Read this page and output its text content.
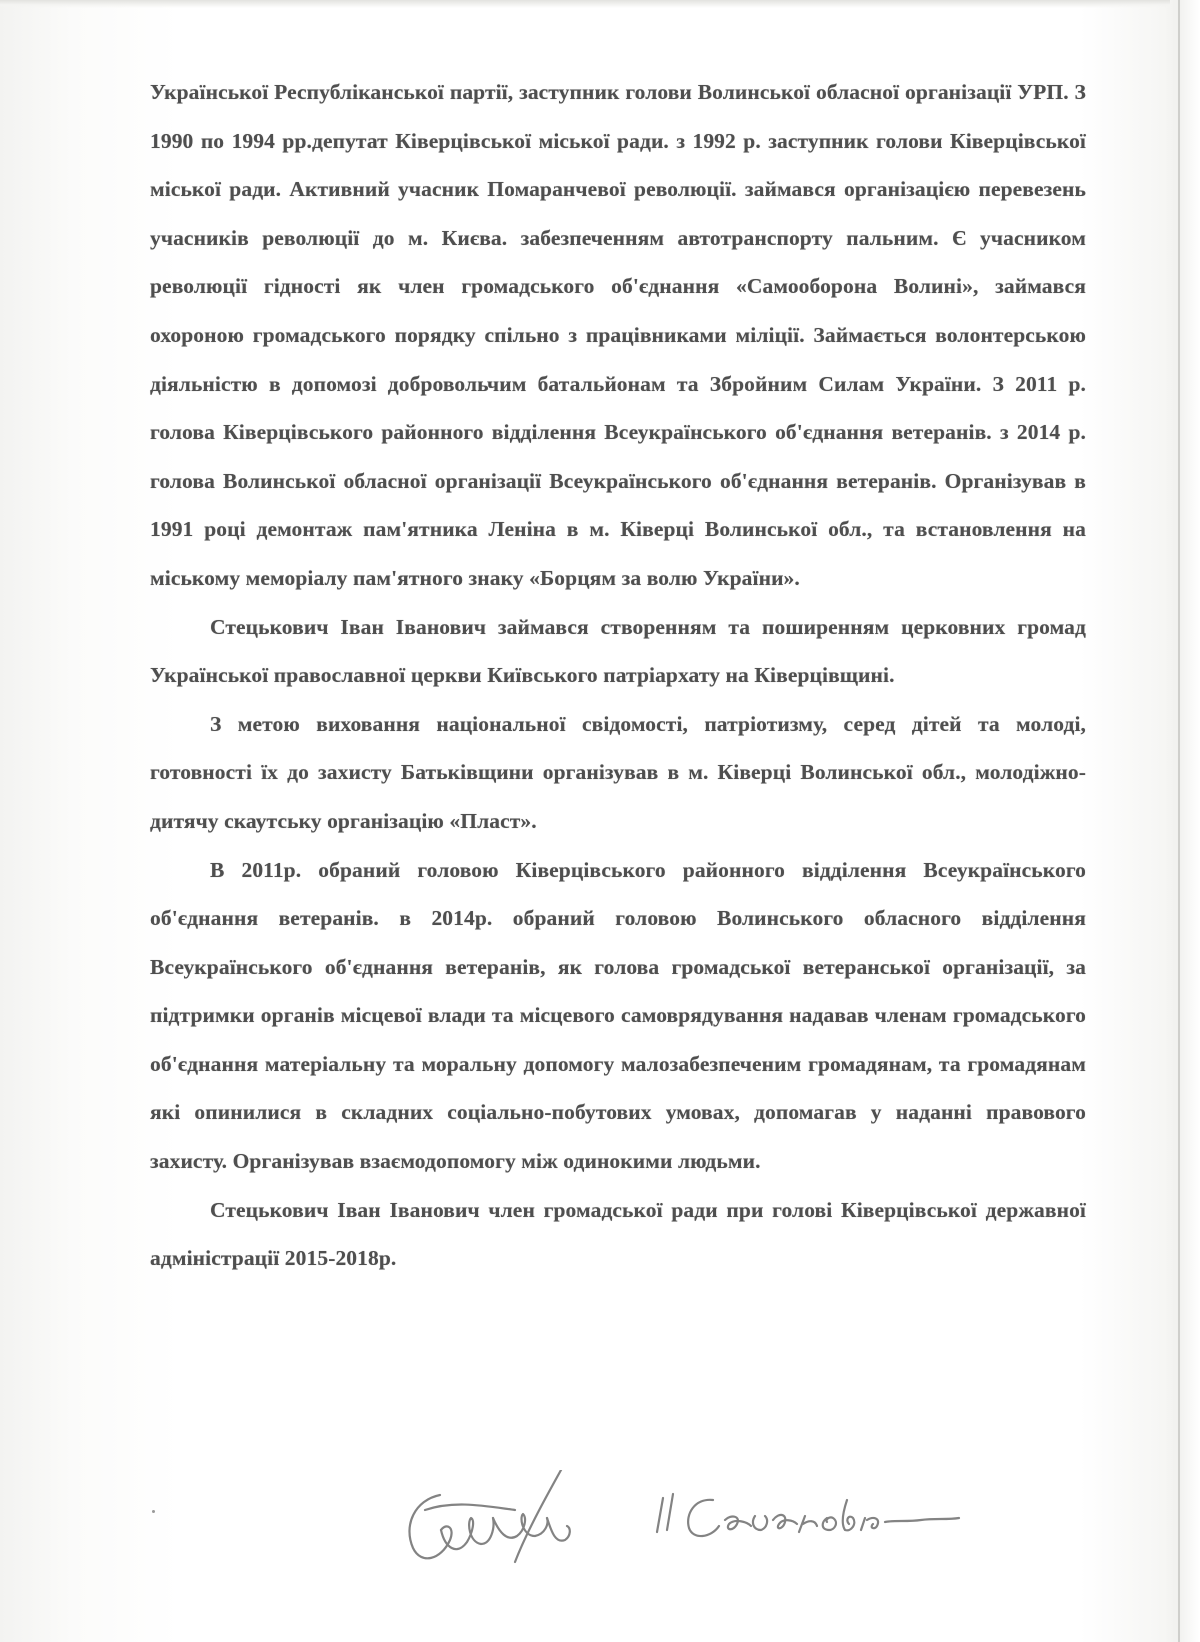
Української Республіканської партії, заступник голови Волинської обласної організації УРП. З 1990 по 1994 рр.депутат Ківерцівської міської ради. з 1992 р. заступник голови Ківерцівської міської ради. Активний учасник Помаранчевої революції. займався організацією перевезень учасників революції до м. Києва. забезпеченням автотранспорту пальним. Є учасником революції гідності як член громадського об'єднання «Самооборона Волині», займався охороною громадського порядку спільно з працівниками міліції. Займається волонтерською діяльністю в допомозі добровольчим батальйонам та Збройним Силам України. З 2011 р. голова Ківерцівського районного відділення Всеукраїнського об'єднання ветеранів. з 2014 р. голова Волинської обласної організації Всеукраїнського об'єднання ветеранів. Організував в 1991 році демонтаж пам'ятника Леніна в м. Ківерці Волинської обл., та встановлення на міському меморіалу пам'ятного знаку «Борцям за волю України».

Стецькович Іван Іванович займався створенням та поширенням церковних громад Української православної церкви Київського патріархату на Ківерцівщині.

З метою виховання національної свідомості, патріотизму, серед дітей та молоді, готовності їх до захисту Батьківщини організував в м. Ківерці Волинської обл., молодіжно-дитячу скаутську організацію «Пласт».

В 2011р. обраний головою Ківерцівського районного відділення Всеукраїнського об'єднання ветеранів. в 2014р. обраний головою Волинського обласного відділення Всеукраїнського об'єднання ветеранів, як голова громадської ветеранської організації, за підтримки органів місцевої влади та місцевого самоврядування надавав членам громадського об'єднання матеріальну та моральну допомогу малозабезпеченим громадянам, та громадянам які опинилися в складних соціально-побутових умовах, допомагав у наданні правового захисту. Організував взаємодопомогу між одинокими людьми.

Стецькович Іван Іванович член громадської ради при голові Ківерцівської державної адміністрації 2015-2018р.

І. Стецькович
